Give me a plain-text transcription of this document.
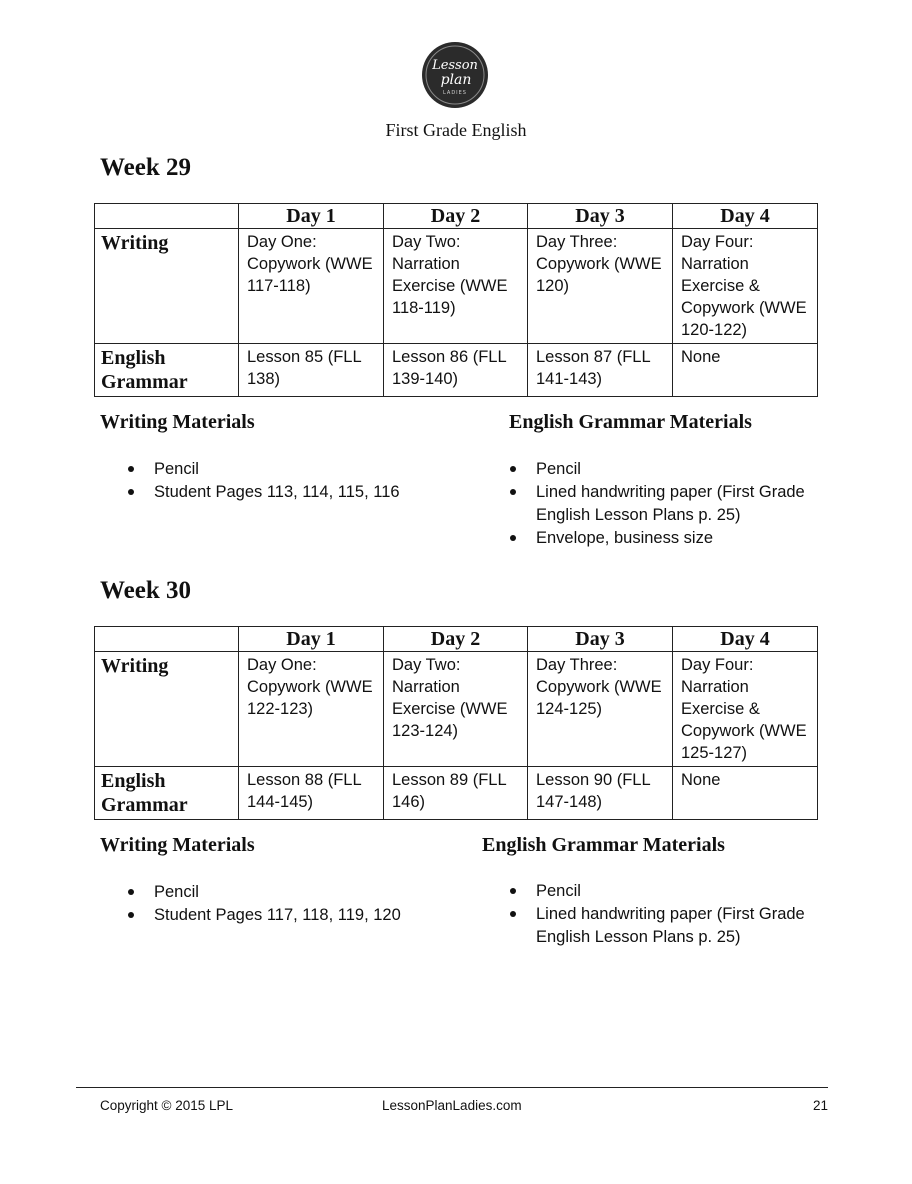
Lesson
plan
LADIES
First Grade English
Week 29
	Day 1	Day 2	Day 3	Day 4
Writing	Day One: Copywork (WWE 117-118)	Day Two: Narration Exercise (WWE 118-119)	Day Three: Copywork (WWE 120)	Day Four: Narration Exercise & Copywork (WWE 120-122)
English Grammar	Lesson 85 (FLL 138)	Lesson 86 (FLL 139-140)	Lesson 87 (FLL 141-143)	None
Writing Materials
Pencil
Student Pages 113, 114, 115, 116
English Grammar Materials
Pencil
Lined handwriting paper (First Grade English Lesson Plans p. 25)
Envelope, business size
Week 30
	Day 1	Day 2	Day 3	Day 4
Writing	Day One: Copywork (WWE 122-123)	Day Two: Narration Exercise (WWE 123-124)	Day Three: Copywork (WWE 124-125)	Day Four: Narration Exercise & Copywork (WWE 125-127)
English Grammar	Lesson 88 (FLL 144-145)	Lesson 89 (FLL 146)	Lesson 90 (FLL 147-148)	None
Writing Materials
Pencil
Student Pages 117, 118, 119, 120
English Grammar Materials
Pencil
Lined handwriting paper (First Grade English Lesson Plans p. 25)
Copyright © 2015 LPL	LessonPlanLadies.com	21
